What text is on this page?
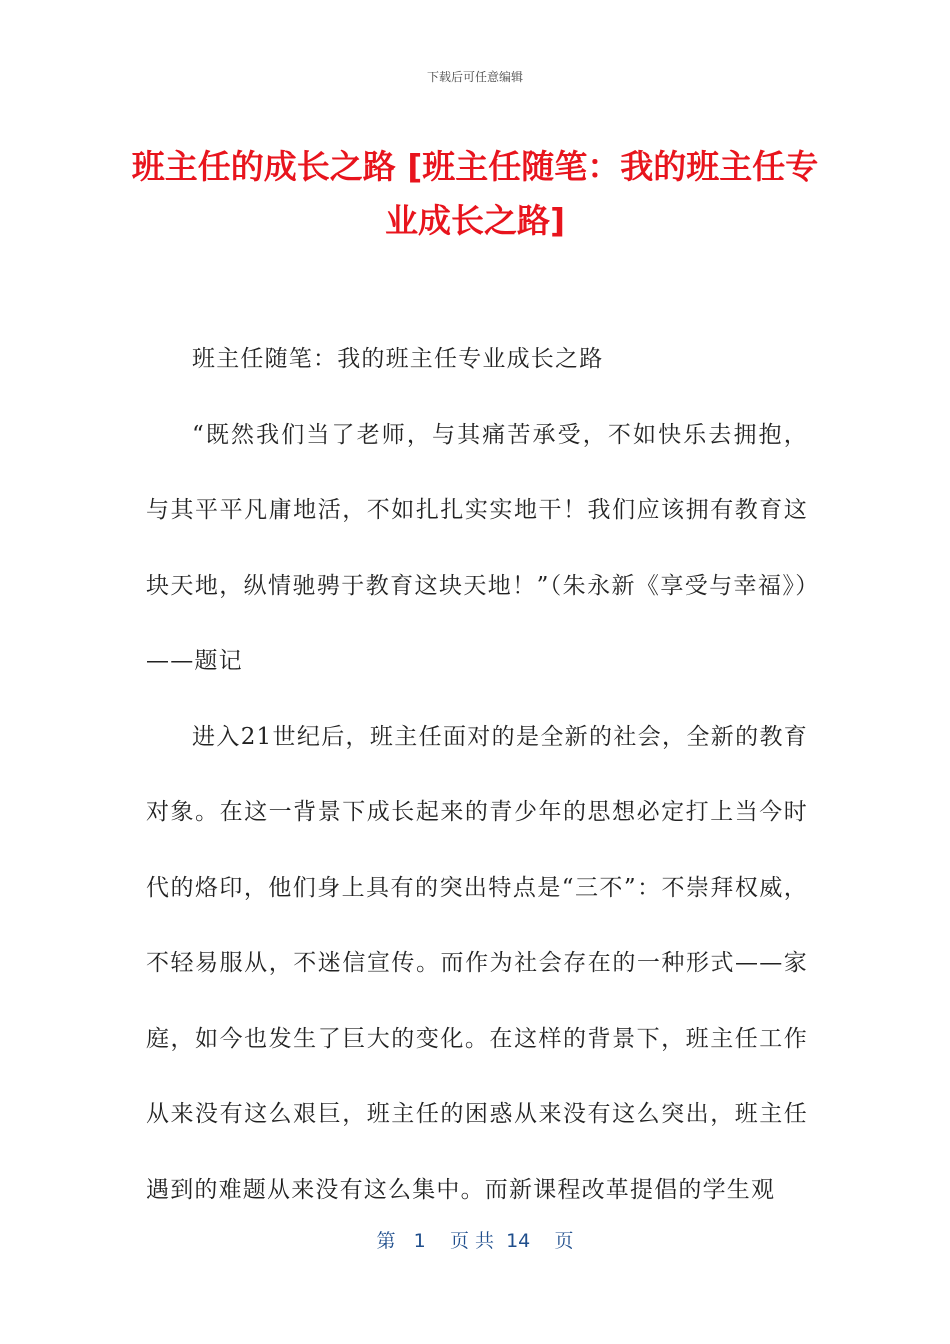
下载后可任意编辑
班主任的成长之路 [班主任随笔：我的班主任专业成长之路]

班主任随笔：我的班主任专业成长之路

“既然我们当了老师，与其痛苦承受，不如快乐去拥抱，与其平平凡庸地活，不如扎扎实实地干！我们应该拥有教育这块天地，纵情驰骋于教育这块天地！”（朱永新《享受与幸福》）——题记

进入21世纪后，班主任面对的是全新的社会，全新的教育对象。在这一背景下成长起来的青少年的思想必定打上当今时代的烙印，他们身上具有的突出特点是“三不”：不崇拜权威，不轻易服从，不迷信宣传。而作为社会存在的一种形式——家庭，如今也发生了巨大的变化。在这样的背景下，班主任工作从来没有这么艰巨，班主任的困惑从来没有这么突出，班主任遇到的难题从来没有这么集中。而新课程改革提倡的学生观

第 1 页 共 14 页
